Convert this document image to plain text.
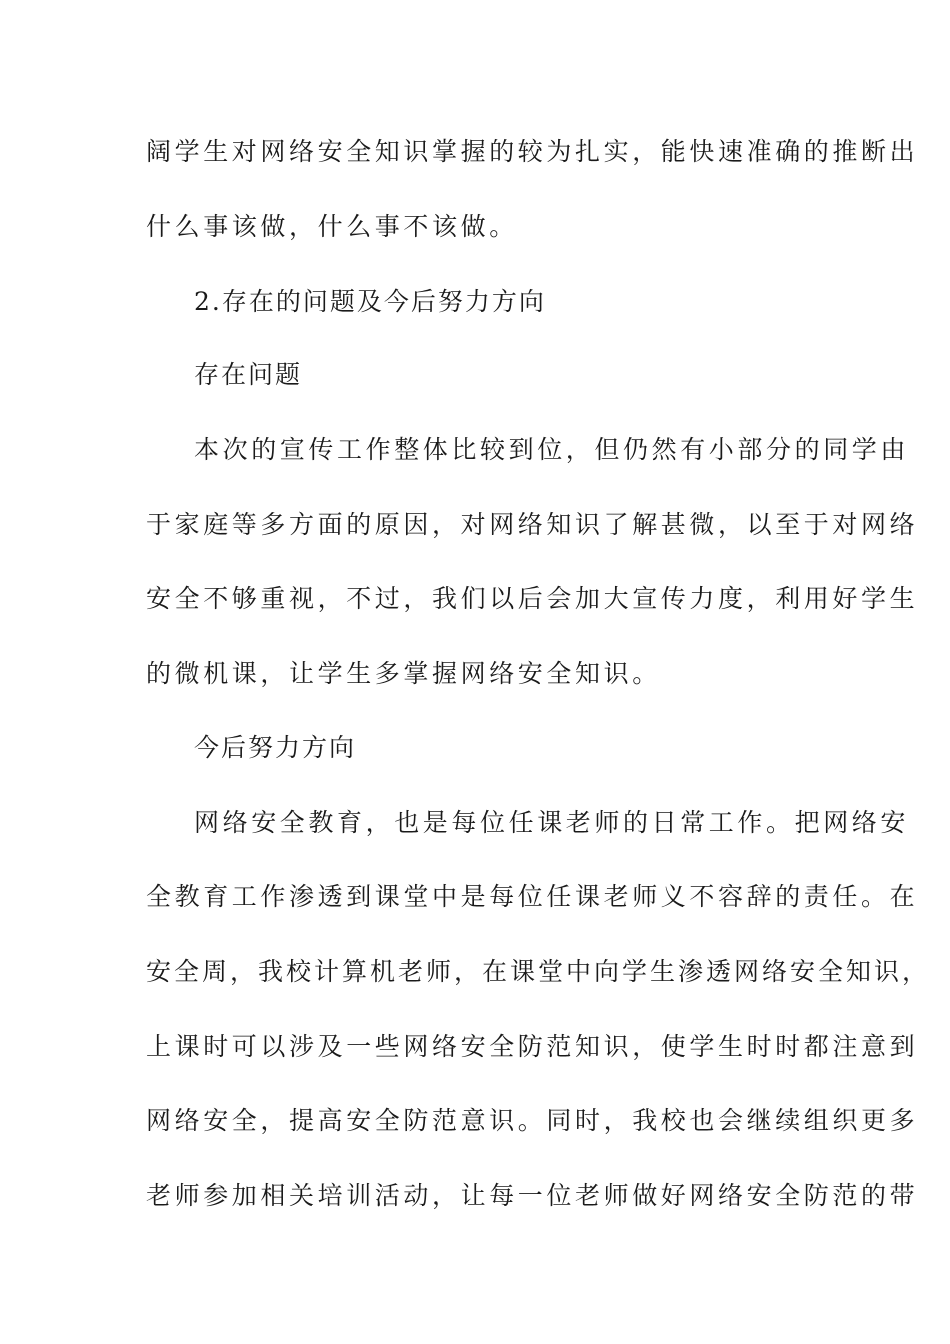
阔学生对网络安全知识掌握的较为扎实，能快速准确的推断出
什么事该做，什么事不该做。
2.存在的问题及今后努力方向
存在问题
本次的宣传工作整体比较到位，但仍然有小部分的同学由
于家庭等多方面的原因，对网络知识了解甚微，以至于对网络
安全不够重视，不过，我们以后会加大宣传力度，利用好学生
的微机课，让学生多掌握网络安全知识。
今后努力方向
网络安全教育，也是每位任课老师的日常工作。把网络安
全教育工作渗透到课堂中是每位任课老师义不容辞的责任。在
安全周，我校计算机老师，在课堂中向学生渗透网络安全知识，
上课时可以涉及一些网络安全防范知识，使学生时时都注意到
网络安全，提高安全防范意识。同时，我校也会继续组织更多
老师参加相关培训活动，让每一位老师做好网络安全防范的带
